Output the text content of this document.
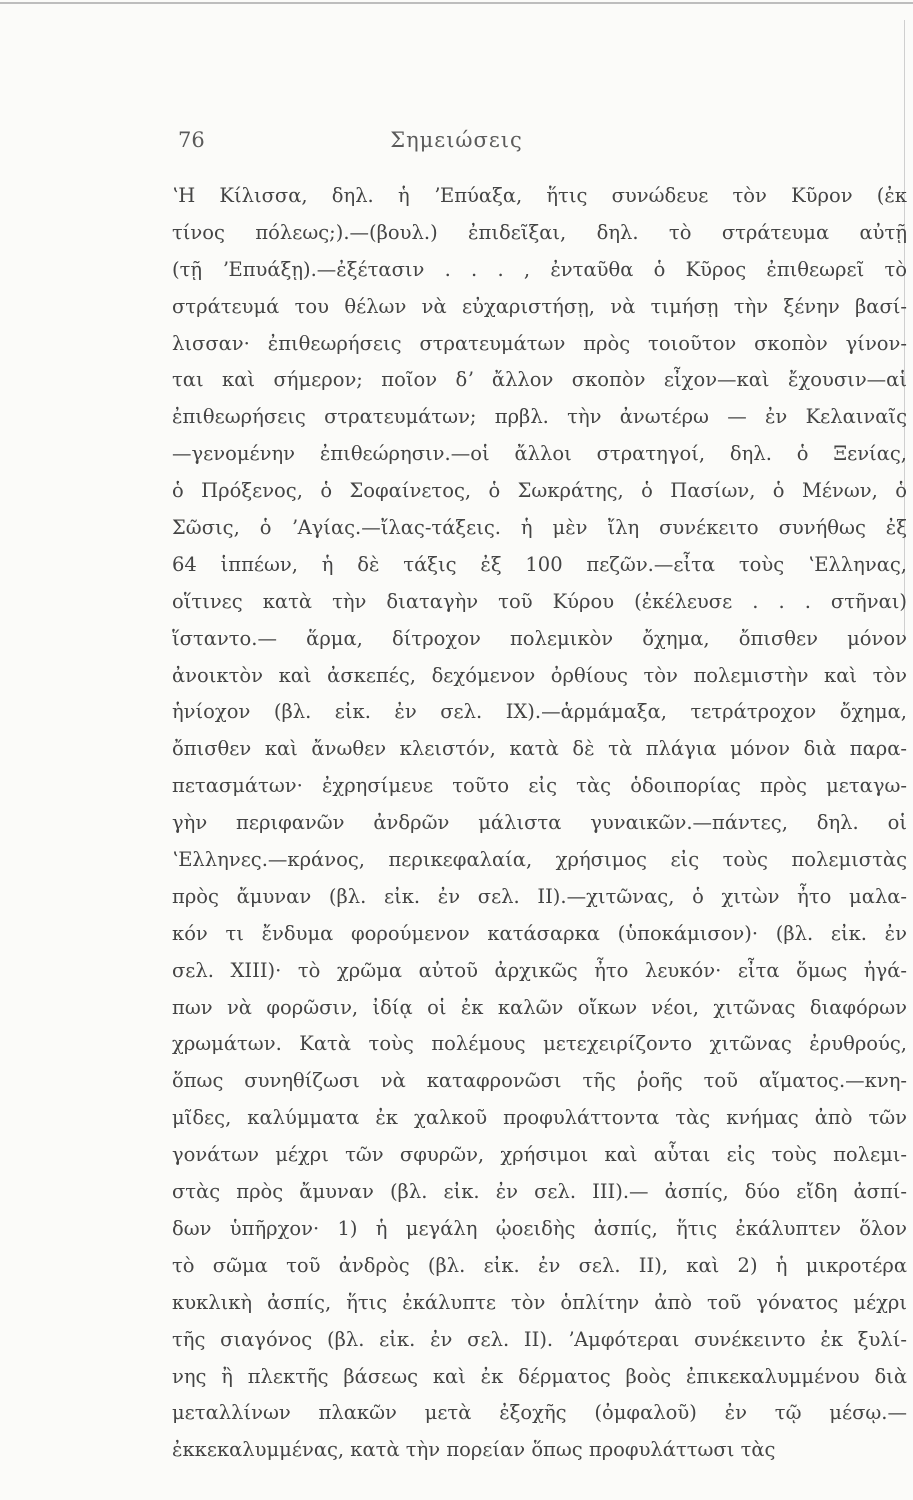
76	Σημειώσεις
ʽΗ Κίλισσα, δηλ. ἡ ʼΕπύαξα, ἥτις συνώδευε τὸν Κῦρον (ἐκ
τίνος πόλεως;).—(βουλ.) ἐπιδεῖξαι, δηλ. τὸ στράτευμα αὐτῇ
(τῇ ʼΕπυάξῃ).—ἐξέτασιν . . . , ἐνταῦθα ὁ Κῦρος ἐπιθεωρεῖ τὸ
στράτευμά του θέλων νὰ εὐχαριστήσῃ, νὰ τιμήσῃ τὴν ξένην βασί-
λισσαν· ἐπιθεωρήσεις στρατευμάτων πρὸς τοιοῦτον σκοπὸν γίνον-
ται καὶ σήμερον; ποῖον δʼ ἄλλον σκοπὸν εἶχον—καὶ ἔχουσιν—αἱ
ἐπιθεωρήσεις στρατευμάτων; πρβλ. τὴν ἀνωτέρω — ἐν Κελαιναῖς
—γενομένην ἐπιθεώρησιν.—οἱ ἄλλοι στρατηγοί, δηλ. ὁ Ξενίας,
ὁ Πρόξενος, ὁ Σοφαίνετος, ὁ Σωκράτης, ὁ Πασίων, ὁ Μένων, ὁ
Σῶσις, ὁ ʼΑγίας.—ἴλας-τάξεις. ἡ μὲν ἴλη συνέκειτο συνήθως ἐξ
64 ἱππέων, ἡ δὲ τάξις ἐξ 100 πεζῶν.—εἶτα τοὺς ʽΕλληνας,
οἵτινες κατὰ τὴν διαταγὴν τοῦ Κύρου (ἐκέλευσε . . . στῆναι)
ἵσταντο.— ἅρμα, δίτροχον πολεμικὸν ὄχημα, ὄπισθεν μόνον
ἀνοικτὸν καὶ ἀσκεπές, δεχόμενον ὀρθίους τὸν πολεμιστὴν καὶ τὸν
ἡνίοχον (βλ. εἰκ. ἐν σελ. IX).—ἁρμάμαξα, τετράτροχον ὄχημα,
ὄπισθεν καὶ ἄνωθεν κλειστόν, κατὰ δὲ τὰ πλάγια μόνον διὰ παρα-
πετασμάτων· ἐχρησίμευε τοῦτο εἰς τὰς ὁδοιπορίας πρὸς μεταγω-
γὴν περιφανῶν ἀνδρῶν μάλιστα γυναικῶν.—πάντες, δηλ. οἱ
ʽΕλληνες.—κράνος, περικεφαλαία, χρήσιμος εἰς τοὺς πολεμιστὰς
πρὸς ἄμυναν (βλ. εἰκ. ἐν σελ. II).—χιτῶνας, ὁ χιτὼν ἦτο μαλα-
κόν τι ἔνδυμα φορούμενον κατάσαρκα (ὑποκάμισον)· (βλ. εἰκ. ἐν
σελ. XIII)· τὸ χρῶμα αὐτοῦ ἀρχικῶς ἦτο λευκόν· εἶτα ὅμως ἠγά-
πων νὰ φορῶσιν, ἰδίᾳ οἱ ἐκ καλῶν οἴκων νέοι, χιτῶνας διαφόρων
χρωμάτων. Κατὰ τοὺς πολέμους μετεχειρίζοντο χιτῶνας ἐρυθρούς,
ὅπως συνηθίζωσι νὰ καταφρονῶσι τῆς ῥοῆς τοῦ αἵματος.—κνη-
μῖδες, καλύμματα ἐκ χαλκοῦ προφυλάττοντα τὰς κνήμας ἀπὸ τῶν
γονάτων μέχρι τῶν σφυρῶν, χρήσιμοι καὶ αὗται εἰς τοὺς πολεμι-
στὰς πρὸς ἄμυναν (βλ. εἰκ. ἐν σελ. III).— ἀσπίς, δύο εἴδη ἀσπί-
δων ὑπῆρχον· 1) ἡ μεγάλη ᾠοειδὴς ἀσπίς, ἥτις ἐκάλυπτεν ὅλον
τὸ σῶμα τοῦ ἀνδρὸς (βλ. εἰκ. ἐν σελ. II), καὶ 2) ἡ μικροτέρα
κυκλικὴ ἀσπίς, ἥτις ἐκάλυπτε τὸν ὁπλίτην ἀπὸ τοῦ γόνατος μέχρι
τῆς σιαγόνος (βλ. εἰκ. ἐν σελ. II). ʼΑμφότεραι συνέκειντο ἐκ ξυλί-
νης ἢ πλεκτῆς βάσεως καὶ ἐκ δέρματος βοὸς ἐπικεκαλυμμένου διὰ
μεταλλίνων πλακῶν μετὰ ἐξοχῆς (ὀμφαλοῦ) ἐν τῷ μέσῳ.—
ἐκκεκαλυμμένας, κατὰ τὴν πορείαν ὅπως προφυλάττωσι τὰς
